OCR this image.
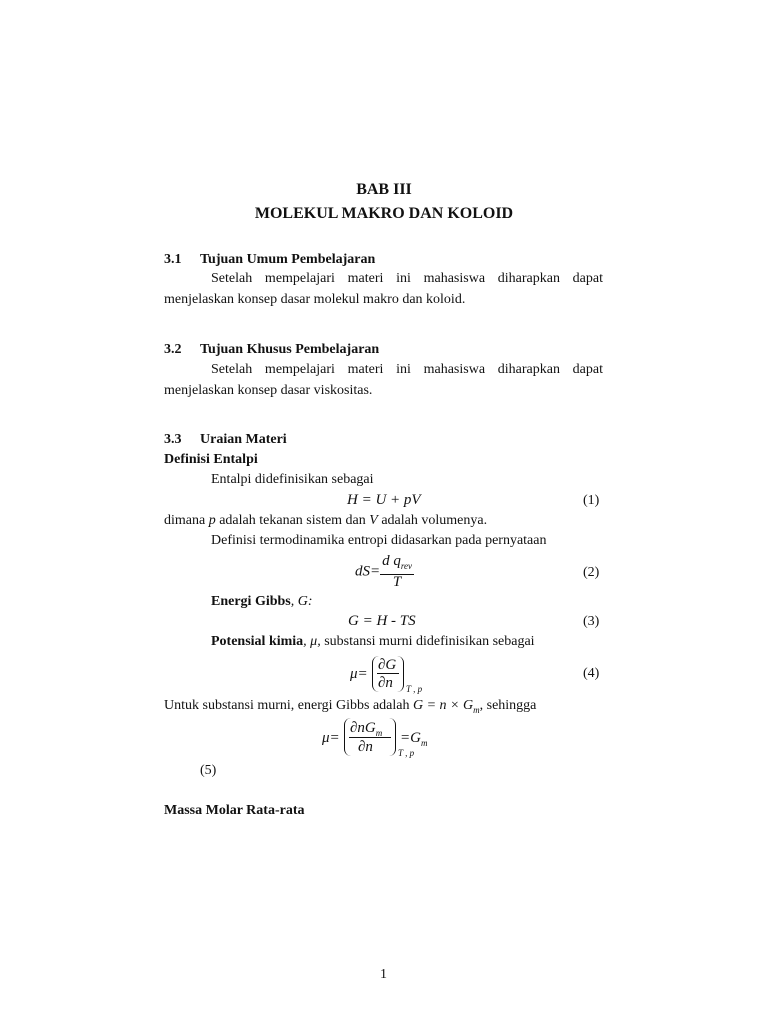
BAB III
MOLEKUL MAKRO DAN KOLOID
3.1 Tujuan Umum Pembelajaran
Setelah mempelajari materi ini mahasiswa diharapkan dapat
menjelaskan konsep dasar molekul makro dan koloid.
3.2 Tujuan Khusus Pembelajaran
Setelah mempelajari materi ini mahasiswa diharapkan dapat
menjelaskan konsep dasar viskositas.
3.3 Uraian Materi
Definisi Entalpi
Entalpi didefinisikan sebagai
H = U + pV	(1)
dimana p adalah tekanan sistem dan V adalah volumenya.
Definisi termodinamika entropi didasarkan pada pernyataan
$dS= \frac{d q_{rev}}{T}$	(2)
Energi Gibbs, G:
G = H - TS	(3)
Potensial kimia, μ, substansi murni didefinisikan sebagai
μ=
∂G
∂n T , p
(4)
Untuk substansi murni, energi Gibbs adalah $G = n \times G_m$, sehingga
μ=
$\partial nG_m$
∂n	T , p
$=G_m$
(5)
Massa Molar Rata-rata
1
